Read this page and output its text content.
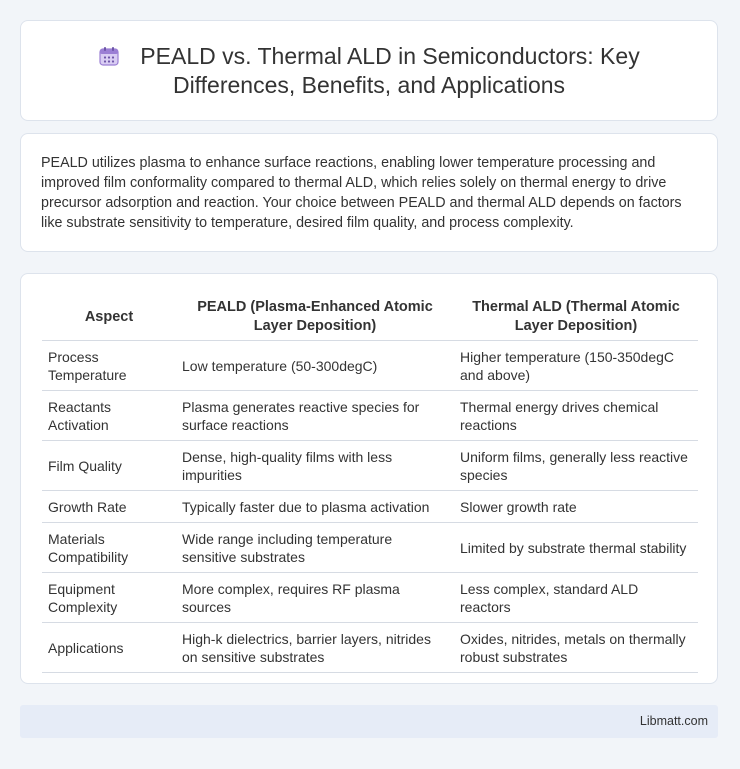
PEALD vs. Thermal ALD in Semiconductors: Key Differences, Benefits, and Applications

PEALD utilizes plasma to enhance surface reactions, enabling lower temperature processing and improved film conformality compared to thermal ALD, which relies solely on thermal energy to drive precursor adsorption and reaction. Your choice between PEALD and thermal ALD depends on factors like substrate sensitivity to temperature, desired film quality, and process complexity.

Aspect	PEALD (Plasma-Enhanced Atomic Layer Deposition)	Thermal ALD (Thermal Atomic Layer Deposition)
Process Temperature	Low temperature (50-300degC)	Higher temperature (150-350degC and above)
Reactants Activation	Plasma generates reactive species for surface reactions	Thermal energy drives chemical reactions
Film Quality	Dense, high-quality films with less impurities	Uniform films, generally less reactive species
Growth Rate	Typically faster due to plasma activation	Slower growth rate
Materials Compatibility	Wide range including temperature sensitive substrates	Limited by substrate thermal stability
Equipment Complexity	More complex, requires RF plasma sources	Less complex, standard ALD reactors
Applications	High-k dielectrics, barrier layers, nitrides on sensitive substrates	Oxides, nitrides, metals on thermally robust substrates
Libmatt.com
